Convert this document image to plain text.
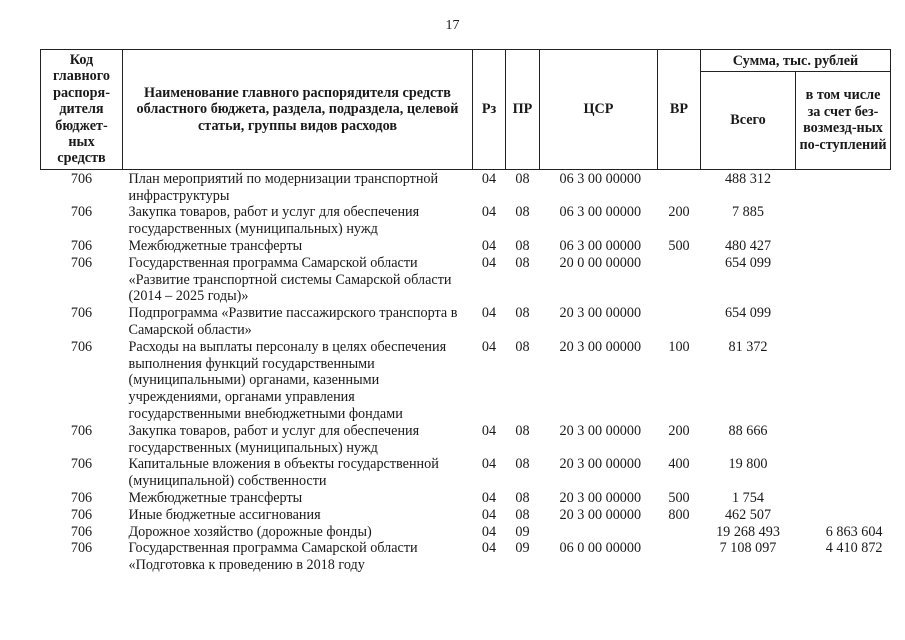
17
Код главного распоря-дителя бюджет-ных средств	Наименование главного распорядителя средств областного бюджета, раздела, подраздела, целевой статьи, группы видов расходов	Рз	ПР	ЦСР	ВР	Сумма, тыс. рублей	
						Всего	в том числе за счет без-возмезд-ных по-ступлений
706	План мероприятий по модернизации транспортной инфраструктуры	04	08	06 3 00 00000		488 312	
706	Закупка товаров, работ и услуг для обеспечения государственных (муниципальных) нужд	04	08	06 3 00 00000	200	7 885	
706	Межбюджетные трансферты	04	08	06 3 00 00000	500	480 427	
706	Государственная программа Самарской области «Развитие транспортной системы Самарской области (2014 – 2025 годы)»	04	08	20 0 00 00000		654 099	
706	Подпрограмма «Развитие пассажирского транспорта в Самарской области»	04	08	20 3 00 00000		654 099	
706	Расходы на выплаты персоналу в целях обеспечения выполнения функций государственными (муниципальными) органами, казенными учреждениями, органами управления государственными внебюджетными фондами	04	08	20 3 00 00000	100	81 372	
706	Закупка товаров, работ и услуг для обеспечения государственных (муниципальных) нужд	04	08	20 3 00 00000	200	88 666	
706	Капитальные вложения в объекты государственной (муниципальной) собственности	04	08	20 3 00 00000	400	19 800	
706	Межбюджетные трансферты	04	08	20 3 00 00000	500	1 754	
706	Иные бюджетные ассигнования	04	08	20 3 00 00000	800	462 507	
706	Дорожное хозяйство (дорожные фонды)	04	09			19 268 493	6 863 604
706	Государственная программа Самарской области «Подготовка к проведению в 2018 году	04	09	06 0 00 00000		7 108 097	4 410 872
